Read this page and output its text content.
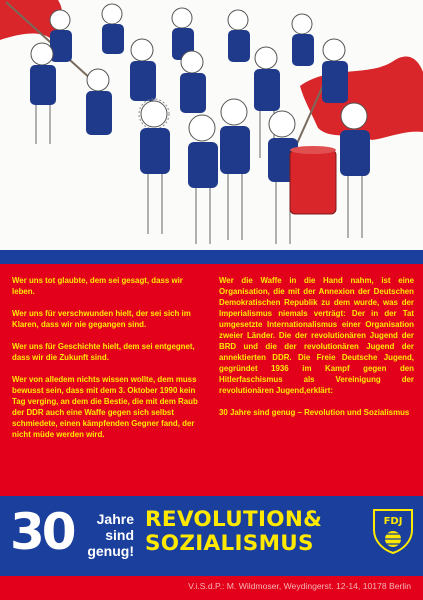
Wer uns tot glaubte, dem sei gesagt, dass wir leben.

Wer uns für verschwunden hielt, der sei sich im Klaren, dass wir nie gegangen sind.

Wer uns für Geschichte hielt, dem sei entgegnet, dass wir die Zukunft sind.

Wer von alledem nichts wissen wollte, dem muss bewusst sein, dass mit dem 3. Oktober 1990 kein Tag verging, an dem die Bestie, die mit dem Raub der DDR auch eine Waffe gegen sich selbst schmiedete, einen kämpfenden Gegner fand, der nicht müde werden wird.

Wer die Waffe in die Hand nahm, ist eine Organisation, die mit der Annexion der Deutschen Demokratischen Republik zu dem wurde, was der Imperialismus niemals verträgt: Der in der Tat umgesetzte Internationalismus einer Organisation zweier Länder. Die der revolutionären Jugend der BRD und die der revolutionären Jugend der annektierten DDR. Die Freie Deutsche Jugend, gegründet 1936 im Kampf gegen den Hitlerfaschismus als Vereinigung der revolutionären Jugend,erklärt:

30 Jahre sind genug – Revolution und Sozialismus

30	Jahre
sind
genug!
REVOLUTION&
SOZIALISMUS
FDJ
V.i.S.d.P.: M. Wildmoser, Weydingerst. 12-14, 10178 Berlin
